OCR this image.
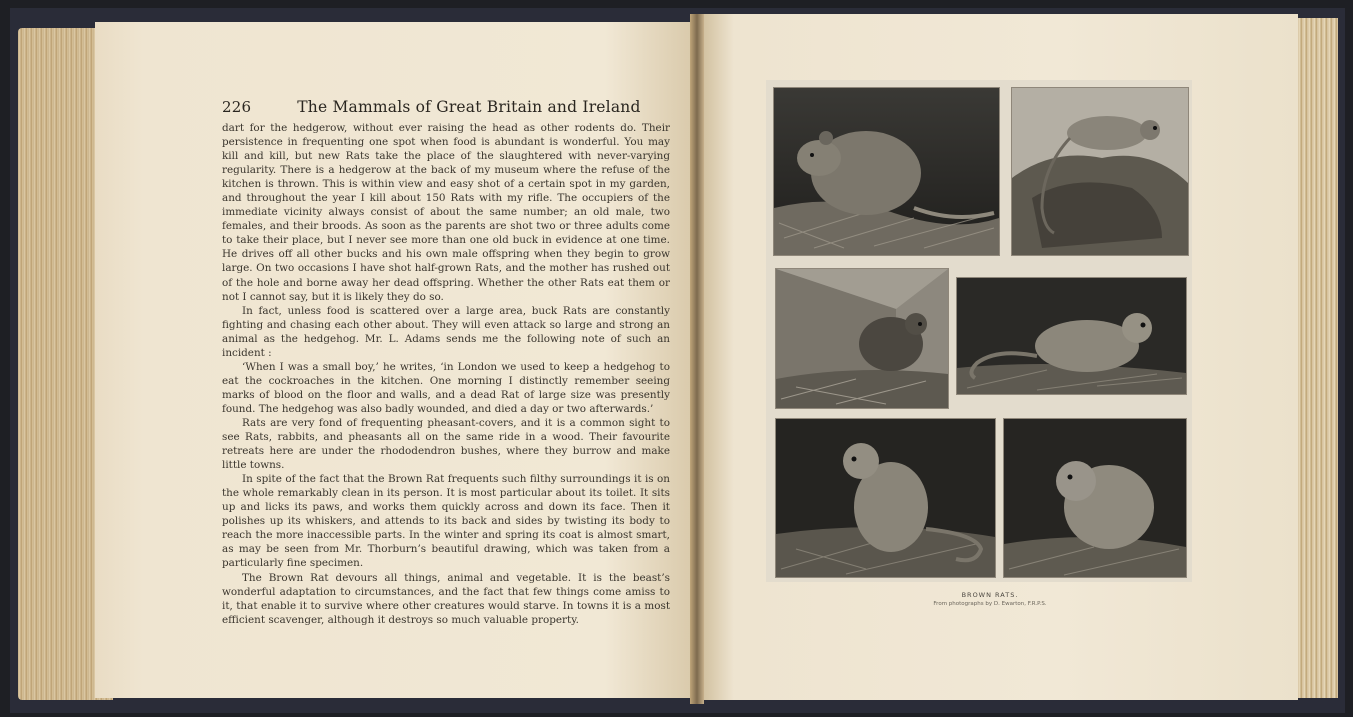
226	The Mammals of Great Britain and Ireland

dart for the hedgerow, without ever raising the head as other rodents do. Their persistence in frequenting one spot when food is abundant is wonderful. You may kill and kill, but new Rats take the place of the slaughtered with never-varying regularity. There is a hedgerow at the back of my museum where the refuse of the kitchen is thrown. This is within view and easy shot of a certain spot in my garden, and throughout the year I kill about 150 Rats with my rifle. The occupiers of the immediate vicinity always consist of about the same number; an old male, two females, and their broods. As soon as the parents are shot two or three adults come to take their place, but I never see more than one old buck in evidence at one time. He drives off all other bucks and his own male offspring when they begin to grow large. On two occasions I have shot half-grown Rats, and the mother has rushed out of the hole and borne away her dead offspring. Whether the other Rats eat them or not I cannot say, but it is likely they do so.

In fact, unless food is scattered over a large area, buck Rats are constantly fighting and chasing each other about. They will even attack so large and strong an animal as the hedgehog. Mr. L. Adams sends me the following note of such an incident :

‘When I was a small boy,’ he writes, ‘in London we used to keep a hedgehog to eat the cockroaches in the kitchen. One morning I distinctly remember seeing marks of blood on the floor and walls, and a dead Rat of large size was presently found. The hedgehog was also badly wounded, and died a day or two afterwards.’

Rats are very fond of frequenting pheasant-covers, and it is a common sight to see Rats, rabbits, and pheasants all on the same ride in a wood. Their favourite retreats here are under the rhododendron bushes, where they burrow and make little towns.

In spite of the fact that the Brown Rat frequents such filthy surroundings it is on the whole remarkably clean in its person. It is most particular about its toilet. It sits up and licks its paws, and works them quickly across and down its face. Then it polishes up its whiskers, and attends to its back and sides by twisting its body to reach the more inaccessible parts. In the winter and spring its coat is almost smart, as may be seen from Mr. Thorburn’s beautiful drawing, which was taken from a particularly fine specimen.

The Brown Rat devours all things, animal and vegetable. It is the beast’s wonderful adaptation to circumstances, and the fact that few things come amiss to it, that enable it to survive where other creatures would starve. In towns it is a most efficient scavenger, although it destroys so much valuable property.

BROWN RATS.
From photographs by D. Ewarton, F.R.P.S.
